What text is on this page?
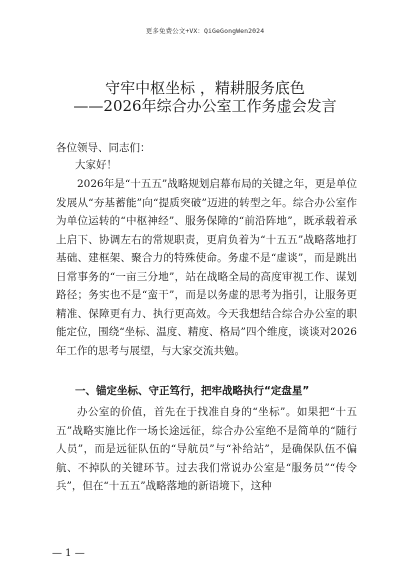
更多免费公文+VX：QiGeGongWen2024
守牢中枢坐标 ，精耕服务底色
——2026年综合办公室工作务虚会发言
各位领导、同志们：
大家好！

2026年是“十五五”战略规划启幕布局的关键之年，更是单位发展从“夯基蓄能”向“提质突破”迈进的转型之年。综合办公室作为单位运转的“中枢神经”、服务保障的“前沿阵地”，既承载着承上启下、协调左右的常规职责，更肩负着为“十五五”战略落地打基础、建框架、聚合力的特殊使命。务虚不是“虚谈”，而是跳出日常事务的“一亩三分地”，站在战略全局的高度审视工作、谋划路径；务实也不是“蛮干”，而是以务虚的思考为指引，让服务更精准、保障更有力、执行更高效。今天我想结合综合办公室的职能定位，围绕“坐标、温度、精度、格局”四个维度，谈谈对2026年工作的思考与展望，与大家交流共勉。

一、锚定坐标、守正笃行，把牢战略执行“定盘星”

办公室的价值，首先在于找准自身的“坐标”。如果把“十五五”战略实施比作一场长途远征，综合办公室绝不是简单的“随行人员”，而是远征队伍的“导航员”与“补给站”，是确保队伍不偏航、不掉队的关键环节。过去我们常说办公室是“服务员”“传令兵”，但在“十五五”战略落地的新语境下，这种

— 1 —
